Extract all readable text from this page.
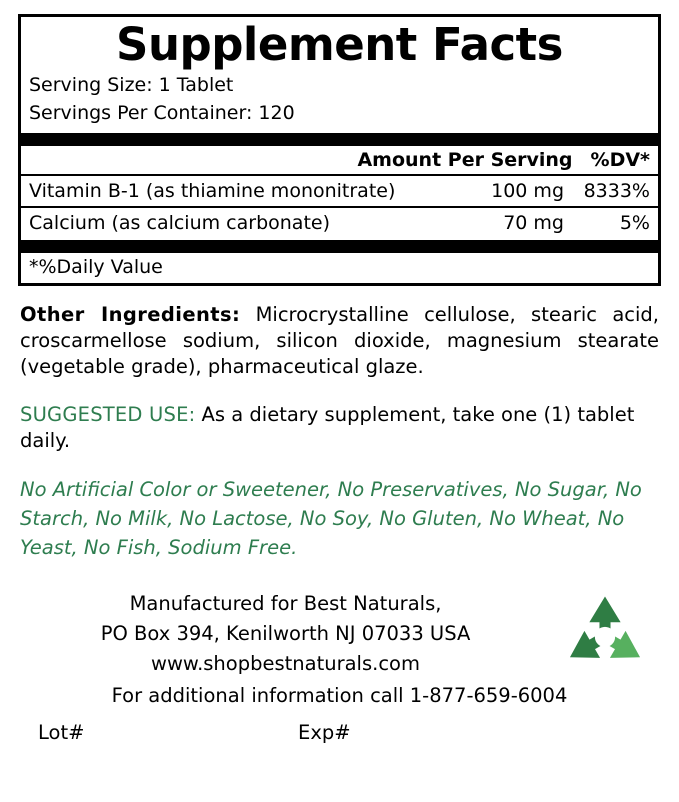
Supplement Facts
Serving Size: 1 Tablet
Servings Per Container: 120
Amount Per Serving %DV*
Vitamin B-1 (as thiamine mononitrate)	100 mg	8333%
Calcium (as calcium carbonate)	70 mg	5%
*%Daily Value

Other Ingredients: Microcrystalline cellulose, stearic acid, croscarmellose sodium, silicon dioxide, magnesium stearate (vegetable grade), pharmaceutical glaze.

SUGGESTED USE: As a dietary supplement, take one (1) tablet daily.

No Artificial Color or Sweetener, No Preservatives, No Sugar, No Starch, No Milk, No Lactose, No Soy, No Gluten, No Wheat, No Yeast, No Fish, Sodium Free.

Manufactured for Best Naturals,
PO Box 394, Kenilworth NJ 07033 USA
www.shopbestnaturals.com
For additional information call 1-877-659-6004
Lot#	Exp#
